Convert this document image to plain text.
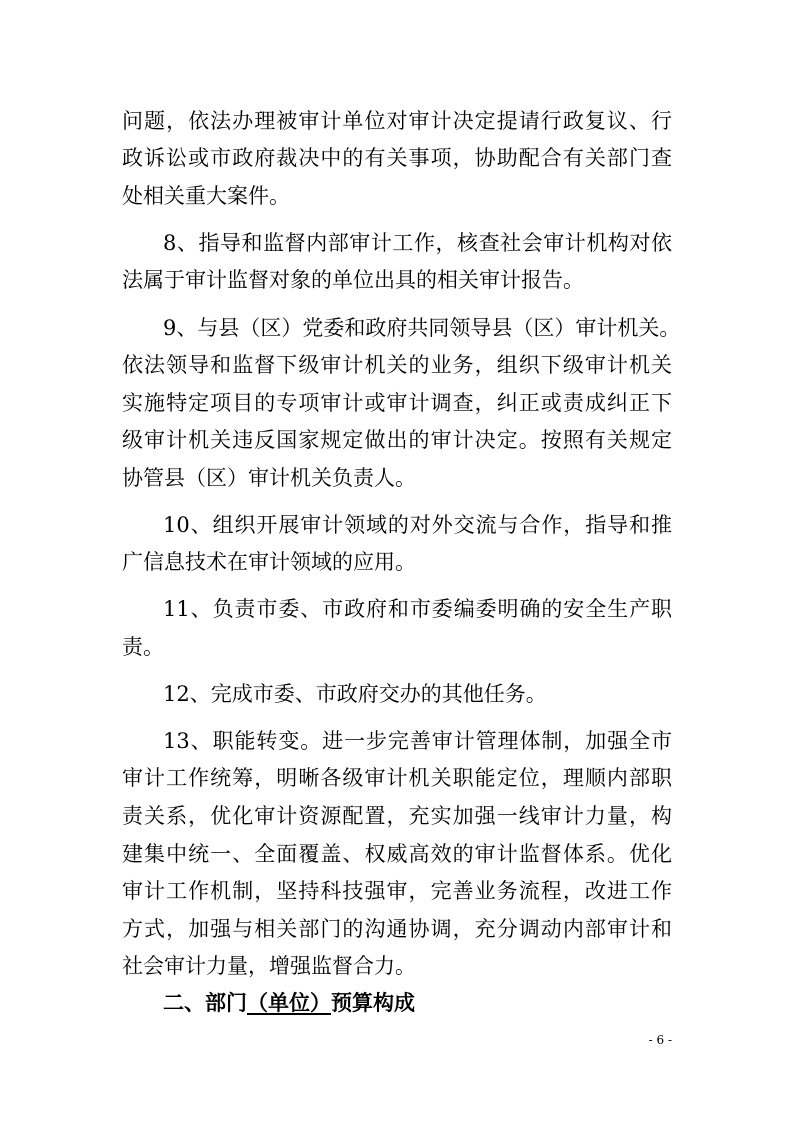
问题，依法办理被审计单位对审计决定提请行政复议、行
政诉讼或市政府裁决中的有关事项，协助配合有关部门查
处相关重大案件。
8、指导和监督内部审计工作，核查社会审计机构对依
法属于审计监督对象的单位出具的相关审计报告。
9、与县（区）党委和政府共同领导县（区）审计机关。
依法领导和监督下级审计机关的业务，组织下级审计机关
实施特定项目的专项审计或审计调查，纠正或责成纠正下
级审计机关违反国家规定做出的审计决定。按照有关规定
协管县（区）审计机关负责人。
10、组织开展审计领域的对外交流与合作，指导和推
广信息技术在审计领域的应用。
11、负责市委、市政府和市委编委明确的安全生产职
责。
12、完成市委、市政府交办的其他任务。
13、职能转变。进一步完善审计管理体制，加强全市
审计工作统筹，明晰各级审计机关职能定位，理顺内部职
责关系，优化审计资源配置，充实加强一线审计力量，构
建集中统一、全面覆盖、权威高效的审计监督体系。优化
审计工作机制，坚持科技强审，完善业务流程，改进工作
方式，加强与相关部门的沟通协调，充分调动内部审计和
社会审计力量，增强监督合力。
二、部门（单位）预算构成
- 6 -
